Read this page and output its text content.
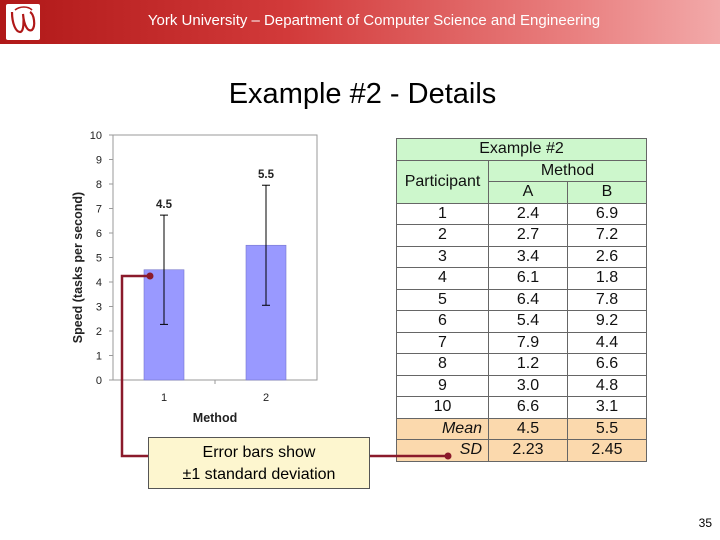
York University – Department of Computer Science and Engineering
Example #2 - Details
0
1
2
3
4
5
6
7
8
9
10
4.5
1
5.5
2
Method
Speed (tasks per second)
Example #2		
Participant	Method	
	A	B
1	2.4	6.9
2	2.7	7.2
3	3.4	2.6
4	6.1	1.8
5	6.4	7.8
6	5.4	9.2
7	7.9	4.4
8	1.2	6.6
9	3.0	4.8
10	6.6	3.1
Mean	4.5	5.5
SD	2.23	2.45
Error bars show
±1 standard deviation
35
